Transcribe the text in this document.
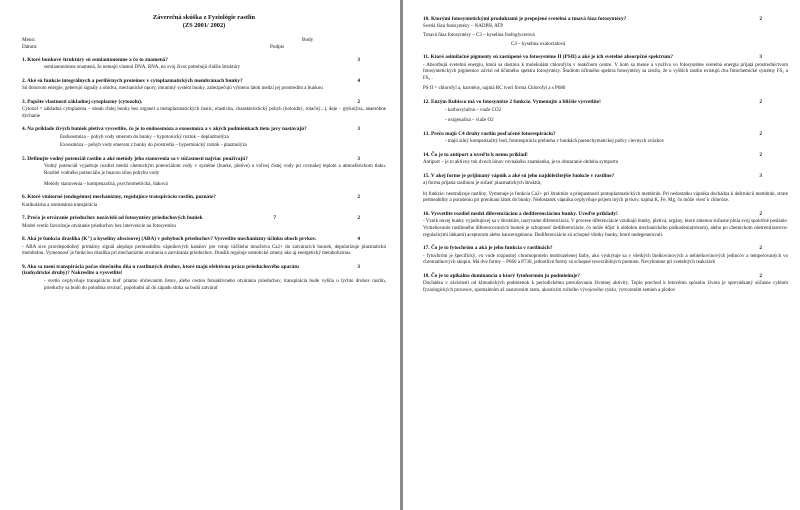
Záverečná skúška z Fyziológie rastlín
(ZS 2001/ 2002)
Meno:	Body
Dátum:	Podpis
1. Ktoré bunkové štruktúry sú semiautonómne a čo to znamená?	3
semiautonómne znamená, že nemajú vlastnú DNA, RNA, no svoj život potrebujú ďalšie štruktúry
2. Aké sú funkcie integrálnych a periférnych proteínov v cytoplazmatických membránach bunky?	4
Sú donorom energie, geberujú signály a obidva, mechanické opory, imunitný systém bunky, zabezpečujú výmenu látok medzi jej prostredím a bunkou
3. Popíšte vlastnosti základnej cytoplazmy (cytozolu).	2
Cytozol = základná cytoplazma – obsah ďalej bunky bez organel a metaplazmatických častíc, elasticita, charakteristický pohyb (koloidný, rotačný...), deje – glykolýza, anaeróbne dýchanie
4. Na príklade živých buniek pletiva vysvetlite, čo je to endoosmóza a exoosmóza a v akých podmienkach tieto javy nastávajú?	3
Endoosmóza – pohyb vody smerom do bunky – hypotonický roztok – deplazmolýza
Exoosmóza – pohyb vody smerom z bunky do prostredia – hypertonický roztok - plazmolýza
5. Definujte vodný potenciál rastlín a aké metódy jeho stanovenia sa v súčasnosti najviac používajú?	3
Vodný potenciál vyjadruje rozdiel medzi chemickým potenciálom vody v systéme (bunke, pletive) a voľnej čistej vody pri rovnakej teplote a atmosferickom tlaku. Rozdiel vodného potenciálu je hnacou silou pohybu vody
Metódy stanovenia – kompenzačná, psychrometrická, tlaková
6. Ktoré vnútorné (endogénne) mechanizmy, regulujúce transpiráciu rastlín, poznáte?	2
Kutikulárna a stomatárna transpirácia
7. Prečo je otváranie prieduchov nezávislé od fotosyntézy prieduchových buniek	7	2
Modré svetlo favorizuje otváranie prieduchov bez intervencie na fotosyntézu
8. Aká je funkcia draslíka (K⁺) a kyseliny abscisovej (ABA) v pohyboch prieduchov? Vysvetlite mechanizmy účinku oboch prvkov.	4
- ABA sice pravdepodobný primárny signál alepšuje permeabilitu vápnikových kanálov pre vstup väčšieho množstva Ca2+ do zatváracích buniek, depolarizuje plazmatickú membránu. Vymennosť je funkciou draslíka pri mechanizme otvárania a zatvárania prieduchov. Draslík reguluje osmotické zmeny ako aj energetický metabolizmus.
9. Ako sa mení transpirácia počas slnečného dňa u rastlinných druhov, ktoré majú efektívnu prácu prieduchového aparátu (izohydrické druhy)? Nakreslite a vysvetlite!
3
- svetlo ovplyvňuje transpiráciu buď priamo ohrievaním listov, alebo cestou fotoaktívneho otvárania prieduchov, transpirácia bude vyššia u týchto druhov rastlín, prieduchy sa budú do poludnia otvárať, popoludní až do západu slnka sa budú zatvárať
10. Ktorými fotosyntetickými produktami je prepojené svetelná a tmavá fáza fotosyntézy?	2
Svetlá fáza fotosyntézy – NADPH, ATP
Tmavá fáza fotosyntézy – C3 – kyselina fosfoglycerová
C4 – kyselina oxaloctalová
11. Ktoré asimilačné pigmenty sú zastúpené vo fotosystéme II (PSII) a aké je ich svetelné absorpčné spektrum?	3
- Absorbujú svetelnú energiu, ktorá sa dostáva k molekulám chlorofylu v reakčnom centre. V ňom sa menie a využíva vo fotosystéme svetelná energia prijatá prostredníctvom fotosyntetických pigmentov závisí od účinného spektra fotosyntézy. Študiom účinného spektra fotosyntézy sa zistilo, že u vyšších rastlín existujú dva fotochemické systémy FS₁ a FS₂ .
PS II = chlorofyl a, karotény, najmä RC tvorí forma Chlorofyl a s P680
12. Enzým Rubisco má vo fotosyntéze 2 funkcie. Vymenujte a bližšie vysvetlite!	2
- karboxylačná – viaže CO2
- oxigenačná – viaže O2
13. Prečo majú C4 druhy rastlín posľačené fotorespiráciu?	2
- majú silný kompenzačný bod, fotorespirácia prebieha v bunkách parenchymatickej pošvy cievnych zväzkov
14. Čo je to antiport a uveďte k nemu príklad!	2
Antiport – je to aktívny tok dvoch iónov rovnakého znamienka, je to obstaranie obdoba symportu
15. V akej forme je prijímaný vápnik a aké sú jeho najdôležitejšie funkcie v rastline?	3
a) forma prijatia rastlinou je súčasť plazmatických štruktúr,
b) funkcie: neutralizuje rastliny, Vymenuje je funkcia Ca2+ pri štruktúre a priepustnosti protoplazmatických membrán. Pri nedostatku vápnika dochádza k deštrukcii membrán, strate permeability a porušeniu pri prenikaní látok do bunky. Nedostatok vápnika ovplyvňuje príjem iných prvkov, najmä K, Fe, Mg, čo môže viesť k chloróze.
16. Vysvetlite rozdiel medzi diferenciáciou a dediferenciáciou bunky. Uveďte príklady!	2
- Vznik novej bunky vyjadrujúcej sa v štruktúre, nazývame diferenciácia. V procese diferenciácie vznikajú bunky, pletivá, orgány, ktoré zmenou súčasne plnia svoj spoločné poslanie. Vymeňovanie rastlinného diferencovaných buniek je schopnosť dediferenciácie, čo môže dôjsť k obdobiu mechanického poškodenia(rezom), alebo po chemickom ošetrení(rastovo-regulačnými látkami) aceptorom alebo kancerogénnou. Dediferenciácie sú schopné všetky bunky, ktoré nedegenerovali.
17. Čo je to fytochróm a aká je jeho funkcia v rastlinách?	2
- fytochróm je špecifický, vo vode rozpustný chromoproteín modrozelenej farby, ako vyskytuje sa v všetkých bielkovinových a nebielkovinových jedincov a temperovaných vo chromatínových skupín. Má dve formy – P660 a P730, jednotlivé formy sú schopné reverzibilných premien. Nevyhnutne pri svetelných reakciách
18. Čo je to apikálna dominancia a ktorý fytohormón ju podmieňuje?	2
Dochádza v závislosti od klimatických podmienok k periodickému prerušovaniu životnej aktivity. Teplo prechod k letovému spôsobu života je sprevádzaný súčasne cyklom fyziologických procesov, spomalením až zastavením rastu, akosticím ročného vývojového cyklu, vytvorením semien a plodov
